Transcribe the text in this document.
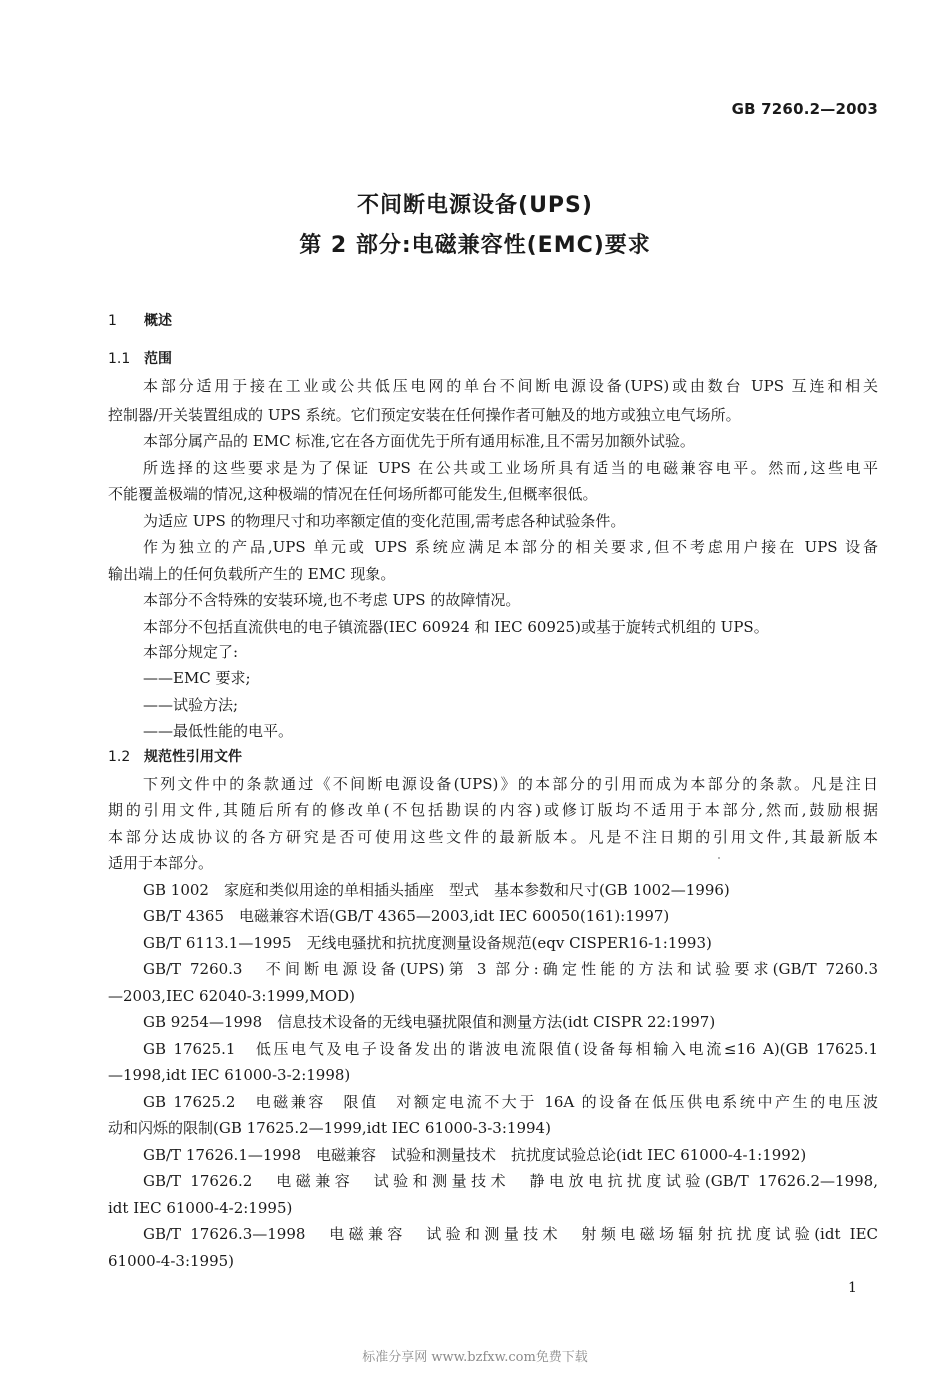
GB 7260.2—2003
不间断电源设备(UPS)
第 2 部分:电磁兼容性(EMC)要求
1 概述
1.1 范围
本部分适用于接在工业或公共低压电网的单台不间断电源设备(UPS)或由数台 UPS 互连和相关
控制器/开关装置组成的 UPS 系统。它们预定安装在任何操作者可触及的地方或独立电气场所。
本部分属产品的 EMC 标准,它在各方面优先于所有通用标准,且不需另加额外试验。
所选择的这些要求是为了保证 UPS 在公共或工业场所具有适当的电磁兼容电平。然而,这些电平
不能覆盖极端的情况,这种极端的情况在任何场所都可能发生,但概率很低。
为适应 UPS 的物理尺寸和功率额定值的变化范围,需考虑各种试验条件。
作为独立的产品,UPS 单元或 UPS 系统应满足本部分的相关要求,但不考虑用户接在 UPS 设备
输出端上的任何负载所产生的 EMC 现象。
本部分不含特殊的安装环境,也不考虑 UPS 的故障情况。
本部分不包括直流供电的电子镇流器(IEC 60924 和 IEC 60925)或基于旋转式机组的 UPS。
本部分规定了:
——EMC 要求;
——试验方法;
——最低性能的电平。
1.2 规范性引用文件
下列文件中的条款通过《不间断电源设备(UPS)》的本部分的引用而成为本部分的条款。凡是注日
期的引用文件,其随后所有的修改单(不包括勘误的内容)或修订版均不适用于本部分,然而,鼓励根据
本部分达成协议的各方研究是否可使用这些文件的最新版本。凡是不注日期的引用文件,其最新版本
适用于本部分。
GB 1002　家庭和类似用途的单相插头插座　型式　基本参数和尺寸(GB 1002—1996)
GB/T 4365　电磁兼容术语(GB/T 4365—2003,idt IEC 60050(161):1997)
GB/T 6113.1—1995　无线电骚扰和抗扰度测量设备规范(eqv CISPER16-1:1993)
GB/T 7260.3　不间断电源设备(UPS)第 3 部分:确定性能的方法和试验要求(GB/T 7260.3
—2003,IEC 62040-3:1999,MOD)
GB 9254—1998　信息技术设备的无线电骚扰限值和测量方法(idt CISPR 22:1997)
GB 17625.1　低压电气及电子设备发出的谐波电流限值(设备每相输入电流≤16 A)(GB 17625.1
—1998,idt IEC 61000-3-2:1998)
GB 17625.2　电磁兼容　限值　对额定电流不大于 16A 的设备在低压供电系统中产生的电压波
动和闪烁的限制(GB 17625.2—1999,idt IEC 61000-3-3:1994)
GB/T 17626.1—1998　电磁兼容　试验和测量技术　抗扰度试验总论(idt IEC 61000-4-1:1992)
GB/T 17626.2　电磁兼容　试验和测量技术　静电放电抗扰度试验(GB/T 17626.2—1998,
idt IEC 61000-4-2:1995)
GB/T 17626.3—1998　电磁兼容　试验和测量技术　射频电磁场辐射抗扰度试验(idt IEC
61000-4-3:1995)
1
标准分享网 www.bzfxw.com免费下载
